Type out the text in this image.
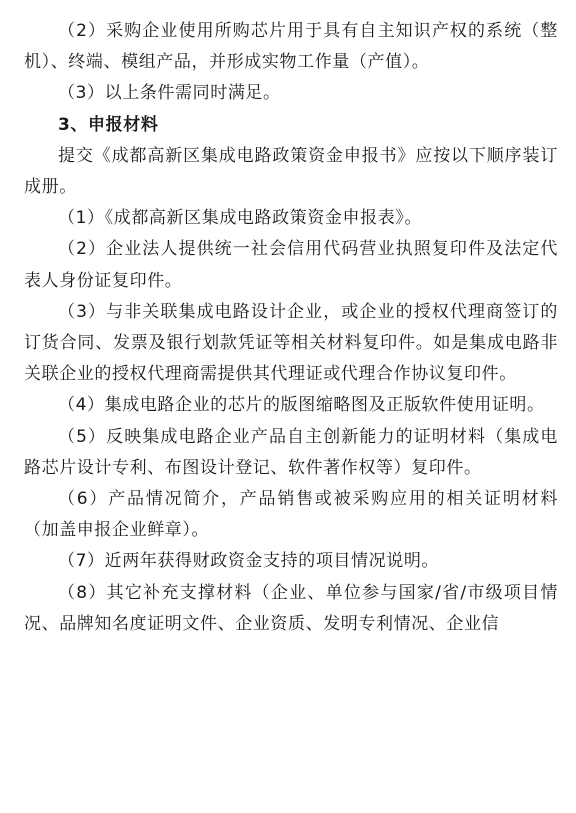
（2）采购企业使用所购芯片用于具有自主知识产权的系统（整机）、终端、模组产品，并形成实物工作量（产值）。

（3）以上条件需同时满足。

3、申报材料

提交《成都高新区集成电路政策资金申报书》应按以下顺序装订成册。

（1）《成都高新区集成电路政策资金申报表》。

（2）企业法人提供统一社会信用代码营业执照复印件及法定代表人身份证复印件。

（3）与非关联集成电路设计企业，或企业的授权代理商签订的订货合同、发票及银行划款凭证等相关材料复印件。如是集成电路非关联企业的授权代理商需提供其代理证或代理合作协议复印件。

（4）集成电路企业的芯片的版图缩略图及正版软件使用证明。

（5）反映集成电路企业产品自主创新能力的证明材料（集成电路芯片设计专利、布图设计登记、软件著作权等）复印件。

（6）产品情况简介，产品销售或被采购应用的相关证明材料（加盖申报企业鲜章）。

（7）近两年获得财政资金支持的项目情况说明。

（8）其它补充支撑材料（企业、单位参与国家/省/市级项目情况、品牌知名度证明文件、企业资质、发明专利情况、企业信
